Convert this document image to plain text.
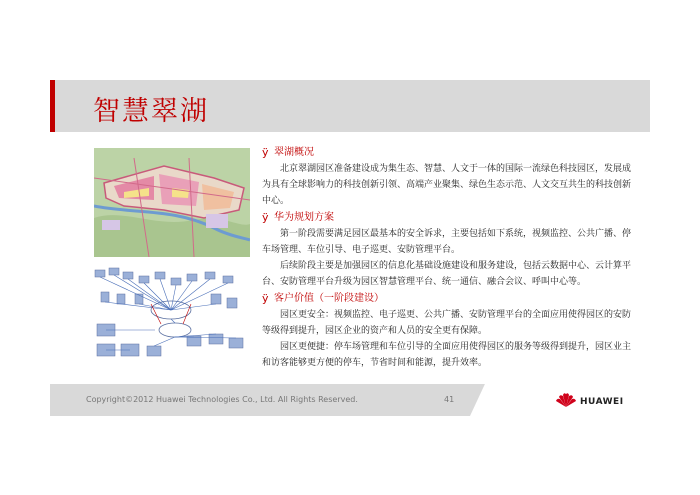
智慧翠湖
ÿ 翠湖概况

北京翠湖园区准备建设成为集生态、智慧、人文于一体的国际一流绿色科技园区，发展成为具有全球影响力的科技创新引领、高端产业聚集、绿色生态示范、人文交互共生的科技创新中心。

ÿ 华为规划方案

第一阶段需要满足园区最基本的安全诉求，主要包括如下系统，视频监控、公共广播、停车场管理、车位引导、电子巡更、安防管理平台。

后续阶段主要是加强园区的信息化基础设施建设和服务建设，包括云数据中心、云计算平台、安防管理平台升级为园区智慧管理平台、统一通信、融合会议、呼叫中心等。

ÿ 客户价值（一阶段建设）

园区更安全：视频监控、电子巡更、公共广播、安防管理平台的全面应用使得园区的安防等级得到提升，园区企业的资产和人员的安全更有保障。

园区更便捷：停车场管理和车位引导的全面应用使得园区的服务等级得到提升，园区业主和访客能够更方便的停车，节省时间和能源，提升效率。

Copyright©2012 Huawei Technologies Co., Ltd. All Rights Reserved.	41	HUAWEI
